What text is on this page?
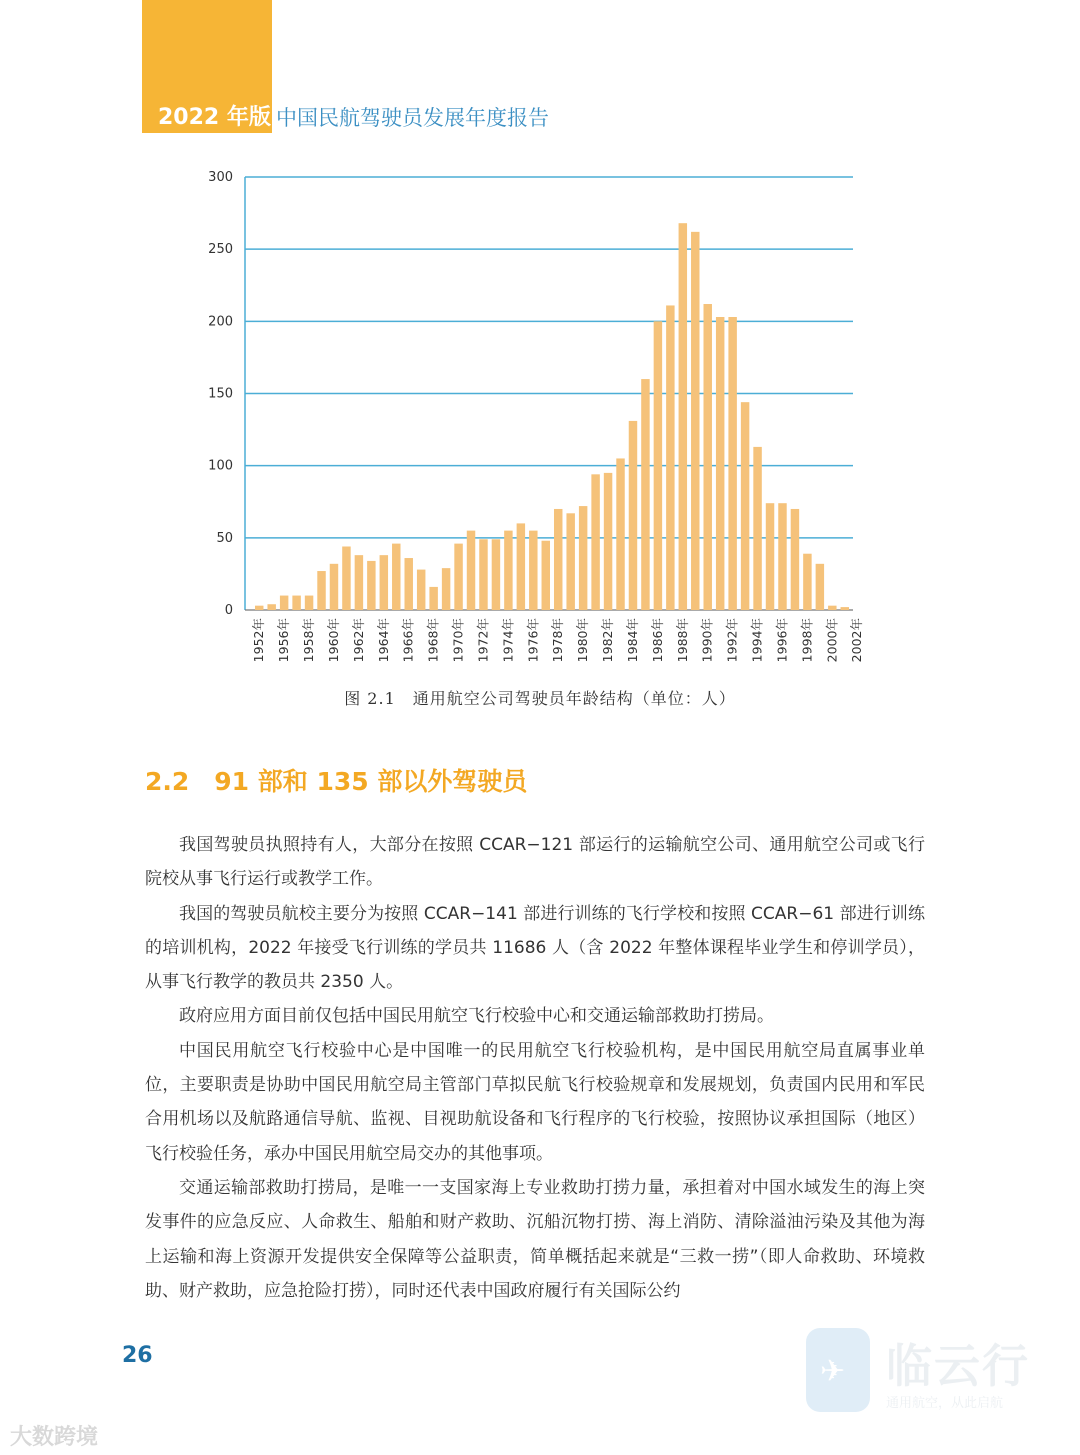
2022 年版 中国民航驾驶员发展年度报告
0
50
100
150
200
250
300
1952年 1956年 1958年 1960年 1962年 1964年 1966年 1968年 1970年 1972年 1974年 1976年 1978年 1980年 1982年 1984年 1986年 1988年 1990年 1992年 1994年 1996年 1998年 2000年 2002年
图 2.1　通用航空公司驾驶员年龄结构（单位：人）
2.2　91 部和 135 部以外驾驶员

我国驾驶员执照持有人，大部分在按照 CCAR−121 部运行的运输航空公司、通用航空公司或飞行院校从事飞行运行或教学工作。

我国的驾驶员航校主要分为按照 CCAR−141 部进行训练的飞行学校和按照 CCAR−61 部进行训练的培训机构，2022 年接受飞行训练的学员共 11686 人（含 2022 年整体课程毕业学生和停训学员），从事飞行教学的教员共 2350 人。

政府应用方面目前仅包括中国民用航空飞行校验中心和交通运输部救助打捞局。

中国民用航空飞行校验中心是中国唯一的民用航空飞行校验机构，是中国民用航空局直属事业单位，主要职责是协助中国民用航空局主管部门草拟民航飞行校验规章和发展规划，负责国内民用和军民合用机场以及航路通信导航、监视、目视助航设备和飞行程序的飞行校验，按照协议承担国际（地区）飞行校验任务，承办中国民用航空局交办的其他事项。

交通运输部救助打捞局，是唯一一支国家海上专业救助打捞力量，承担着对中国水域发生的海上突发事件的应急反应、人命救生、船舶和财产救助、沉船沉物打捞、海上消防、清除溢油污染及其他为海上运输和海上资源开发提供安全保障等公益职责，简单概括起来就是“三救一捞”（即人命救助、环境救助、财产救助，应急抢险打捞），同时还代表中国政府履行有关国际公约

26	✈ 临云行
通用航空，从此启航
大数跨境
